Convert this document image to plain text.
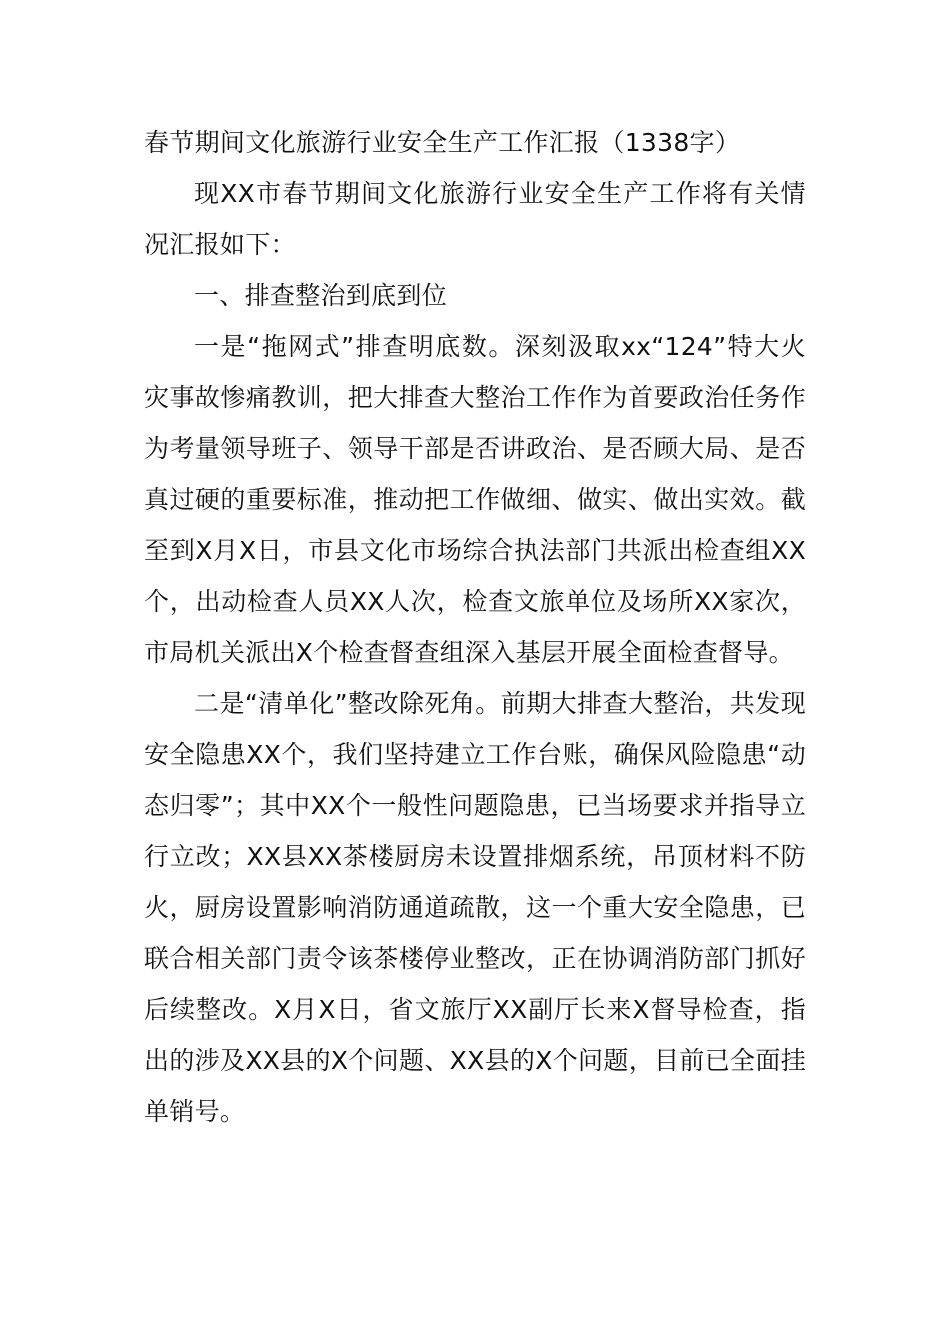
春节期间文化旅游行业安全生产工作汇报（1338字）

现XX市春节期间文化旅游行业安全生产工作将有关情况汇报如下：

一、排查整治到底到位

一是“拖网式”排查明底数。深刻汲取xx“124”特大火灾事故惨痛教训，把大排查大整治工作作为首要政治任务作为考量领导班子、领导干部是否讲政治、是否顾大局、是否真过硬的重要标准，推动把工作做细、做实、做出实效。截至到X月X日，市县文化市场综合执法部门共派出检查组XX个，出动检查人员XX人次，检查文旅单位及场所XX家次，市局机关派出X个检查督查组深入基层开展全面检查督导。

二是“清单化”整改除死角。前期大排查大整治，共发现安全隐患XX个，我们坚持建立工作台账，确保风险隐患“动态归零”；其中XX个一般性问题隐患，已当场要求并指导立行立改；XX县XX茶楼厨房未设置排烟系统，吊顶材料不防火，厨房设置影响消防通道疏散，这一个重大安全隐患，已联合相关部门责令该茶楼停业整改，正在协调消防部门抓好后续整改。X月X日，省文旅厅XX副厅长来X督导检查，指出的涉及XX县的X个问题、XX县的X个问题，目前已全面挂单销号。
